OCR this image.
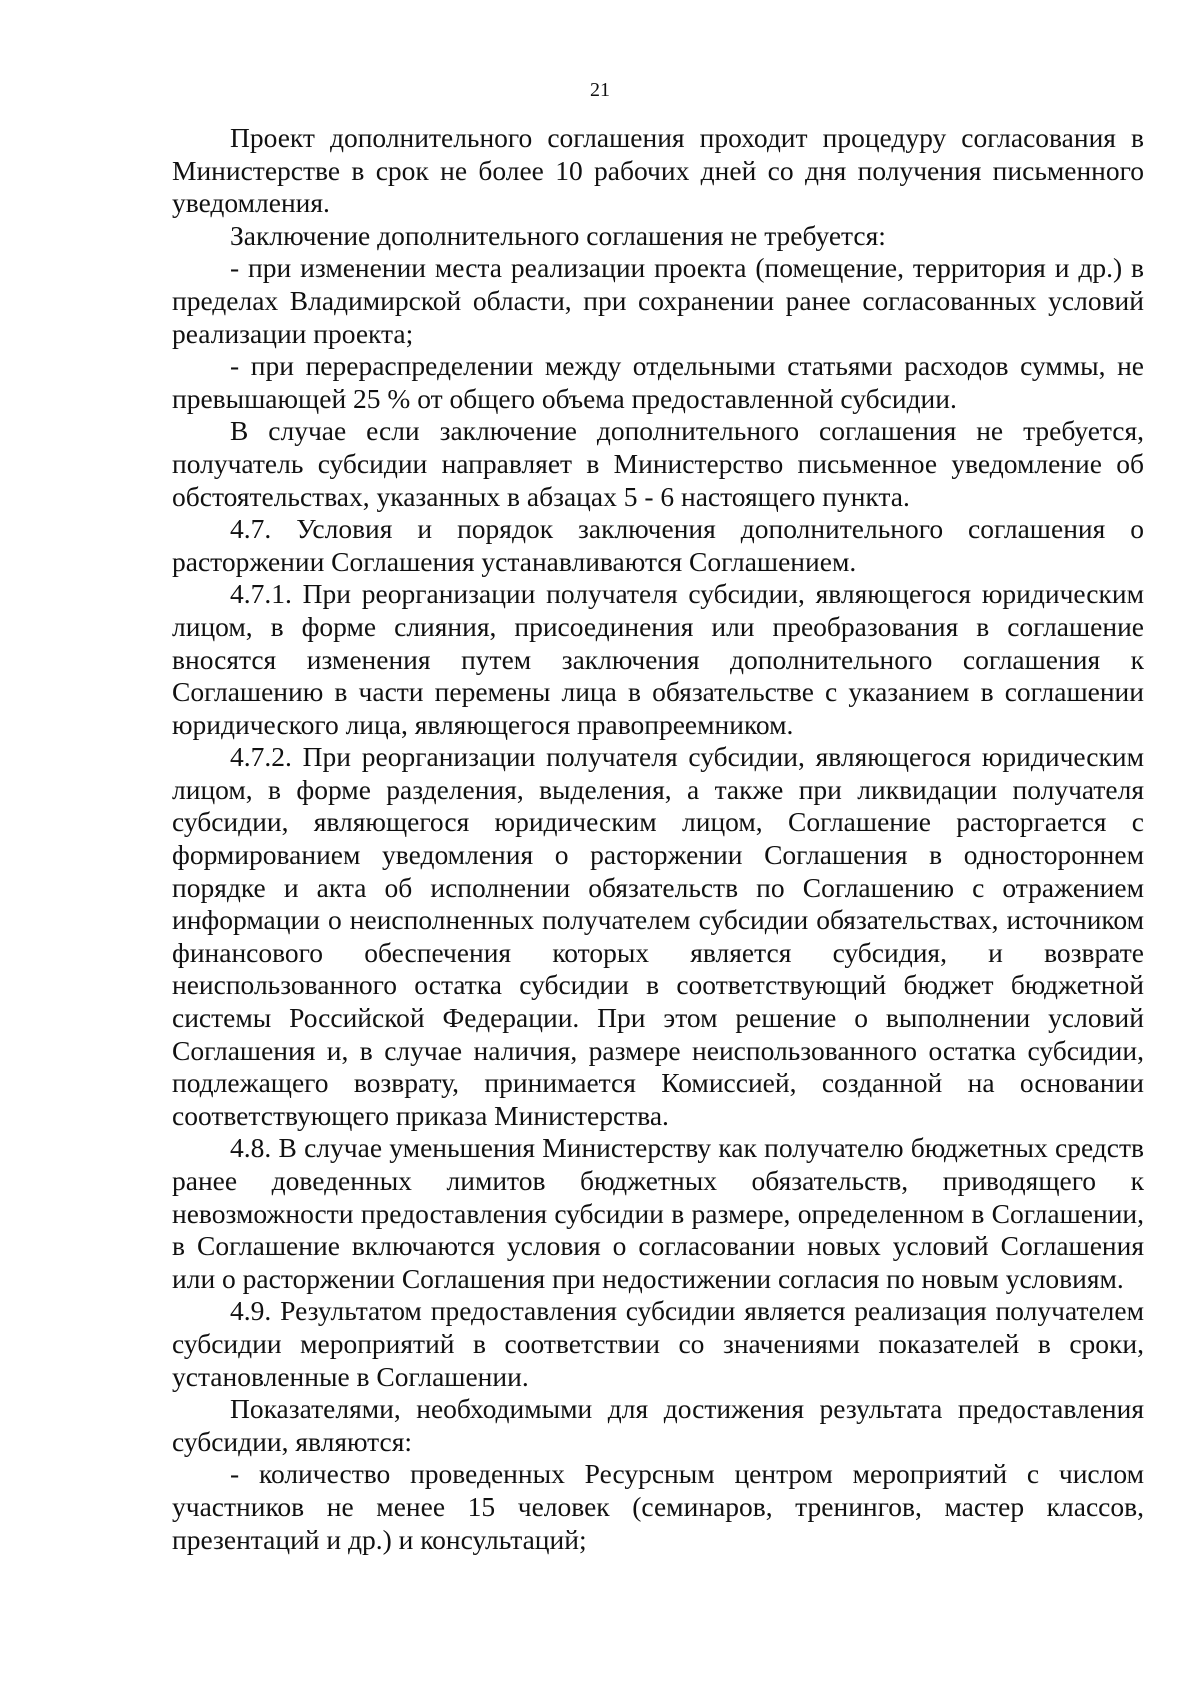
21

Проект дополнительного соглашения проходит процедуру согласования в Министерстве в срок не более 10 рабочих дней со дня получения письменного уведомления.

Заключение дополнительного соглашения не требуется:

- при изменении места реализации проекта (помещение, территория и др.) в пределах Владимирской области, при сохранении ранее согласованных условий реализации проекта;

- при перераспределении между отдельными статьями расходов суммы, не превышающей 25 % от общего объема предоставленной субсидии.

В случае если заключение дополнительного соглашения не требуется, получатель субсидии направляет в Министерство письменное уведомление об обстоятельствах, указанных в абзацах 5 - 6 настоящего пункта.

4.7. Условия и порядок заключения дополнительного соглашения о расторжении Соглашения устанавливаются Соглашением.

4.7.1. При реорганизации получателя субсидии, являющегося юридическим лицом, в форме слияния, присоединения или преобразования в соглашение вносятся изменения путем заключения дополнительного соглашения к Соглашению в части перемены лица в обязательстве с указанием в соглашении юридического лица, являющегося правопреемником.

4.7.2. При реорганизации получателя субсидии, являющегося юридическим лицом, в форме разделения, выделения, а также при ликвидации получателя субсидии, являющегося юридическим лицом, Соглашение расторгается с формированием уведомления о расторжении Соглашения в одностороннем порядке и акта об исполнении обязательств по Соглашению с отражением информации о неисполненных получателем субсидии обязательствах, источником финансового обеспечения которых является субсидия, и возврате неиспользованного остатка субсидии в соответствующий бюджет бюджетной системы Российской Федерации. При этом решение о выполнении условий Соглашения и, в случае наличия, размере неиспользованного остатка субсидии, подлежащего возврату, принимается Комиссией, созданной на основании соответствующего приказа Министерства.

4.8. В случае уменьшения Министерству как получателю бюджетных средств ранее доведенных лимитов бюджетных обязательств, приводящего к невозможности предоставления субсидии в размере, определенном в Соглашении, в Соглашение включаются условия о согласовании новых условий Соглашения или о расторжении Соглашения при недостижении согласия по новым условиям.

4.9. Результатом предоставления субсидии является реализация получателем субсидии мероприятий в соответствии со значениями показателей в сроки, установленные в Соглашении.

Показателями, необходимыми для достижения результата предоставления субсидии, являются:

- количество проведенных Ресурсным центром мероприятий с числом участников не менее 15 человек (семинаров, тренингов, мастер классов, презентаций и др.) и консультаций;
